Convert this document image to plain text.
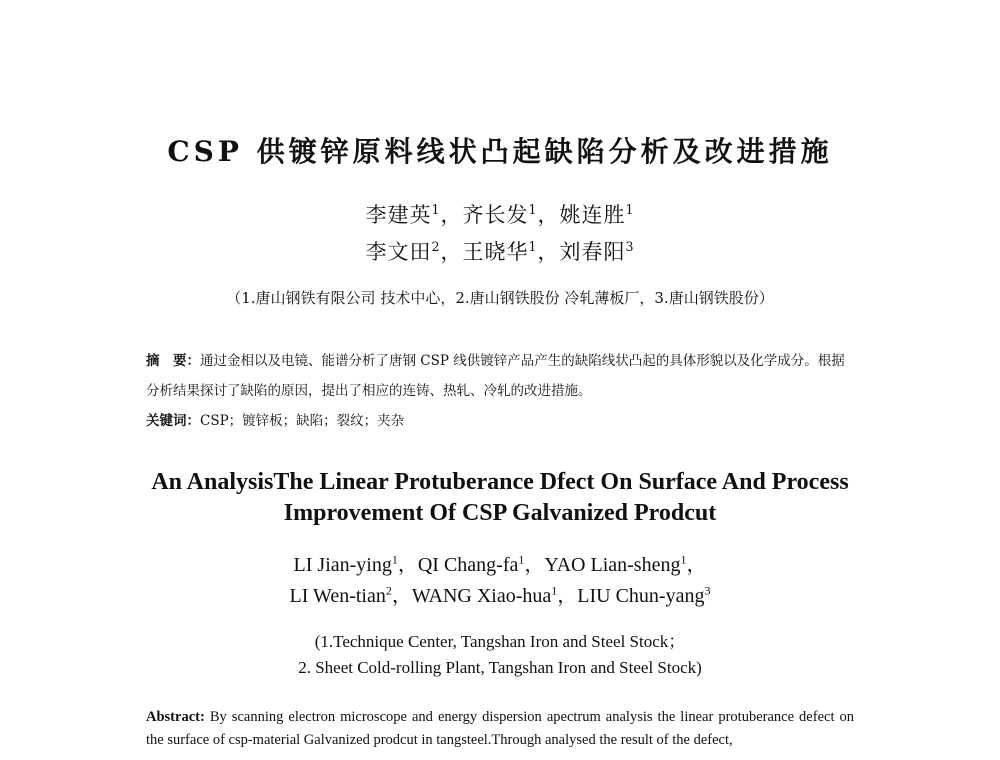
CSP 供镀锌原料线状凸起缺陷分析及改进措施
李建英$^1$，齐长发$^1$，姚连胜$^1$
李文田$^2$，王晓华$^1$，刘春阳$^3$
（1.唐山钢铁有限公司 技术中心，2.唐山钢铁股份 冷轧薄板厂，3.唐山钢铁股份）
摘　要：通过金相以及电镜、能谱分析了唐钢 CSP 线供镀锌产品产生的缺陷线状凸起的具体形貌以及化学成分。根据分析结果探讨了缺陷的原因，提出了相应的连铸、热轧、冷轧的改进措施。
关键词：CSP；镀锌板；缺陷；裂纹；夹杂
An AnalysisThe Linear Protuberance Dfect On Surface And Process
Improvement Of CSP Galvanized Prodcut
LI Jian-ying$^1$，QI Chang-$fa^1$，YAO Lian-sheng$^1$，
LI Wen-tian$^2$，WANG Xiao-hua$^1$，LIU Chun-yang$^3$
(1.Technique Center, Tangshan Iron and Steel Stock；
2. Sheet Cold-rolling Plant, Tangshan Iron and Steel Stock)
Abstract: By scanning electron microscope and energy dispersion apectrum analysis the linear protuberance defect on the surface of csp-material Galvanized prodcut in tangsteel.Through analysed the result of the defect,
